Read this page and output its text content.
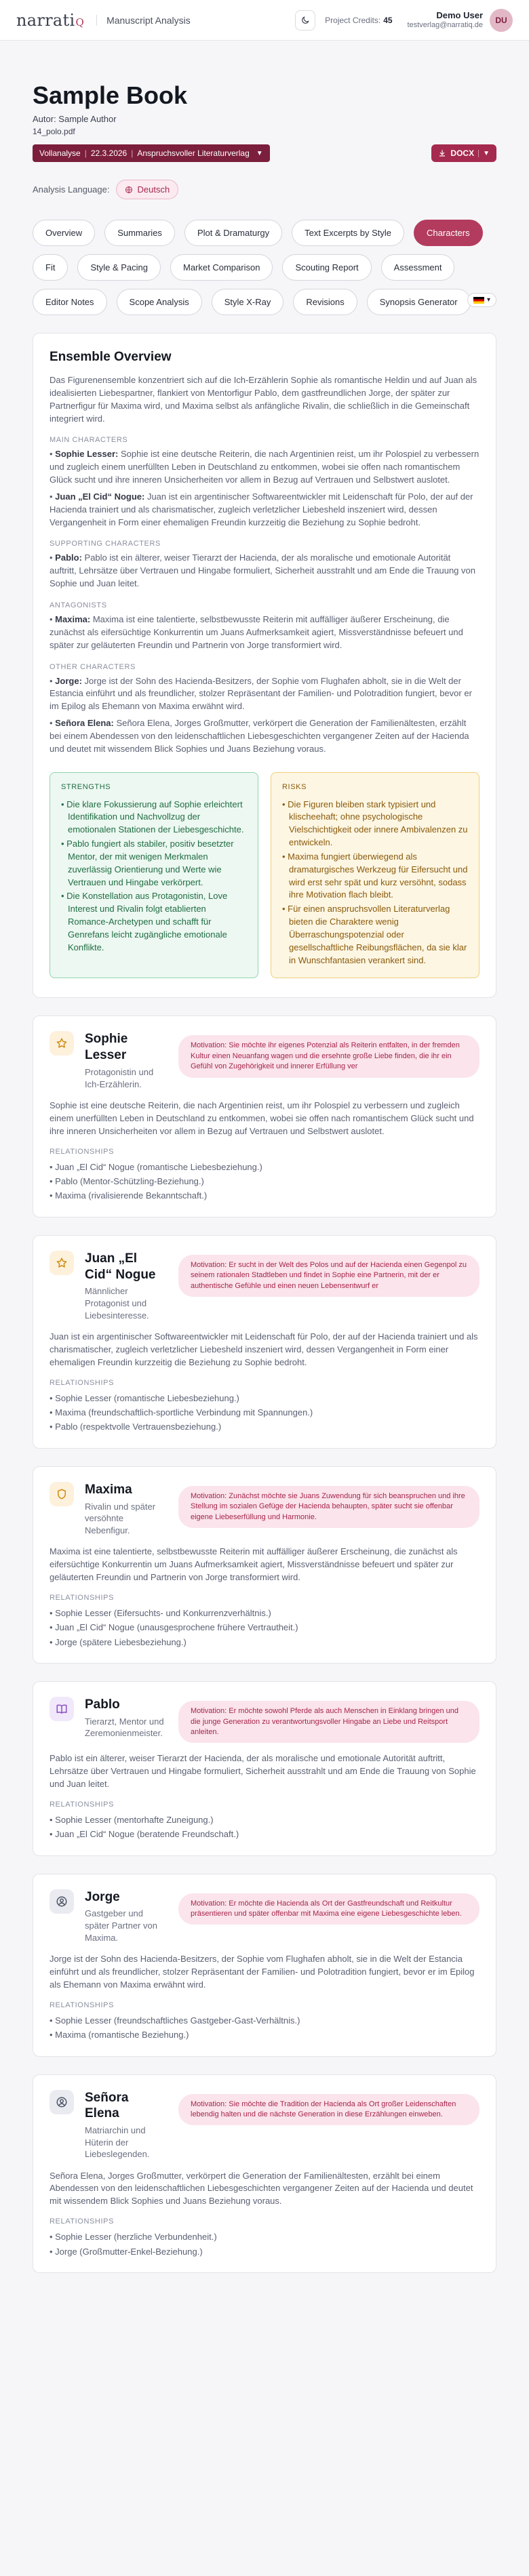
narratiQ	Manuscript Analysis	Project Credits: 45	Demo User
testverlag@narratiq.de
DU
Sample Book
Autor: Sample Author
14_polo.pdf
Vollanalyse | 22.3.2026 | Anspruchsvoller Literaturverlag ▼	DOCX	▼
Analysis Language:	Deutsch
Overview	Summaries	Plot & Dramaturgy	Text Excerpts by Style	Characters
Fit	Style & Pacing	Market Comparison	Scouting Report	Assessment
Editor Notes	Scope Analysis	Style X-Ray	Revisions	Synopsis Generator	▾
Ensemble Overview
Das Figurenensemble konzentriert sich auf die Ich-Erzählerin Sophie als romantische Heldin und auf Juan als idealisierten Liebespartner, flankiert von Mentorfigur Pablo, dem gastfreundlichen Jorge, der später zur Partnerfigur für Maxima wird, und Maxima selbst als anfängliche Rivalin, die schließlich in die Gemeinschaft integriert wird.
MAIN CHARACTERS
• Sophie Lesser: Sophie ist eine deutsche Reiterin, die nach Argentinien reist, um ihr Polospiel zu verbessern und zugleich einem unerfüllten Leben in Deutschland zu entkommen, wobei sie offen nach romantischem Glück sucht und ihre inneren Unsicherheiten vor allem in Bezug auf Vertrauen und Selbstwert auslotet.
• Juan „El Cid“ Nogue: Juan ist ein argentinischer Softwareentwickler mit Leidenschaft für Polo, der auf der Hacienda trainiert und als charismatischer, zugleich verletzlicher Liebesheld inszeniert wird, dessen Vergangenheit in Form einer ehemaligen Freundin kurzzeitig die Beziehung zu Sophie bedroht.
SUPPORTING CHARACTERS
• Pablo: Pablo ist ein älterer, weiser Tierarzt der Hacienda, der als moralische und emotionale Autorität auftritt, Lehrsätze über Vertrauen und Hingabe formuliert, Sicherheit ausstrahlt und am Ende die Trauung von Sophie und Juan leitet.
ANTAGONISTS
• Maxima: Maxima ist eine talentierte, selbstbewusste Reiterin mit auffälliger äußerer Erscheinung, die zunächst als eifersüchtige Konkurrentin um Juans Aufmerksamkeit agiert, Missverständnisse befeuert und später zur geläuterten Freundin und Partnerin von Jorge transformiert wird.
OTHER CHARACTERS
• Jorge: Jorge ist der Sohn des Hacienda-Besitzers, der Sophie vom Flughafen abholt, sie in die Welt der Estancia einführt und als freundlicher, stolzer Repräsentant der Familien- und Polotradition fungiert, bevor er im Epilog als Ehemann von Maxima erwähnt wird.
• Señora Elena: Señora Elena, Jorges Großmutter, verkörpert die Generation der Familienältesten, erzählt bei einem Abendessen von den leidenschaftlichen Liebesgeschichten vergangener Zeiten auf der Hacienda und deutet mit wissendem Blick Sophies und Juans Beziehung voraus.
STRENGTHS
• Die klare Fokussierung auf Sophie erleichtert Identifikation und Nachvollzug der emotionalen Stationen der Liebesgeschichte.
• Pablo fungiert als stabiler, positiv besetzter Mentor, der mit wenigen Merkmalen zuverlässig Orientierung und Werte wie Vertrauen und Hingabe verkörpert.
• Die Konstellation aus Protagonistin, Love Interest und Rivalin folgt etablierten Romance-Archetypen und schafft für Genrefans leicht zugängliche emotionale Konflikte.
RISKS
• Die Figuren bleiben stark typisiert und klischeehaft; ohne psychologische Vielschichtigkeit oder innere Ambivalenzen zu entwickeln.
• Maxima fungiert überwiegend als dramaturgisches Werkzeug für Eifersucht und wird erst sehr spät und kurz versöhnt, sodass ihre Motivation flach bleibt.
• Für einen anspruchsvollen Literaturverlag bieten die Charaktere wenig Überraschungspotenzial oder gesellschaftliche Reibungsflächen, da sie klar in Wunschfantasien verankert sind.
Sophie Lesser
Protagonistin und Ich-Erzählerin.
Motivation: Sie möchte ihr eigenes Potenzial als Reiterin entfalten, in der fremden Kultur einen Neuanfang wagen und die ersehnte große Liebe finden, die ihr ein Gefühl von Zugehörigkeit und innerer Erfüllung ver
Sophie ist eine deutsche Reiterin, die nach Argentinien reist, um ihr Polospiel zu verbessern und zugleich einem unerfüllten Leben in Deutschland zu entkommen, wobei sie offen nach romantischem Glück sucht und ihre inneren Unsicherheiten vor allem in Bezug auf Vertrauen und Selbstwert auslotet.
RELATIONSHIPS
• Juan „El Cid“ Nogue (romantische Liebesbeziehung.)
• Pablo (Mentor-Schützling-Beziehung.)
• Maxima (rivalisierende Bekanntschaft.)
Juan „El Cid“ Nogue
Männlicher Protagonist und Liebesinteresse.
Motivation: Er sucht in der Welt des Polos und auf der Hacienda einen Gegenpol zu seinem rationalen Stadtleben und findet in Sophie eine Partnerin, mit der er authentische Gefühle und einen neuen Lebensentwurf er
Juan ist ein argentinischer Softwareentwickler mit Leidenschaft für Polo, der auf der Hacienda trainiert und als charismatischer, zugleich verletzlicher Liebesheld inszeniert wird, dessen Vergangenheit in Form einer ehemaligen Freundin kurzzeitig die Beziehung zu Sophie bedroht.
RELATIONSHIPS
• Sophie Lesser (romantische Liebesbeziehung.)
• Maxima (freundschaftlich-sportliche Verbindung mit Spannungen.)
• Pablo (respektvolle Vertrauensbeziehung.)
Maxima
Rivalin und später versöhnte Nebenfigur.
Motivation: Zunächst möchte sie Juans Zuwendung für sich beanspruchen und ihre Stellung im sozialen Gefüge der Hacienda behaupten, später sucht sie offenbar eigene Liebeserfüllung und Harmonie.
Maxima ist eine talentierte, selbstbewusste Reiterin mit auffälliger äußerer Erscheinung, die zunächst als eifersüchtige Konkurrentin um Juans Aufmerksamkeit agiert, Missverständnisse befeuert und später zur geläuterten Freundin und Partnerin von Jorge transformiert wird.
RELATIONSHIPS
• Sophie Lesser (Eifersuchts- und Konkurrenzverhältnis.)
• Juan „El Cid“ Nogue (unausgesprochene frühere Vertrautheit.)
• Jorge (spätere Liebesbeziehung.)
Pablo
Tierarzt, Mentor und Zeremonienmeister.
Motivation: Er möchte sowohl Pferde als auch Menschen in Einklang bringen und die junge Generation zu verantwortungsvoller Hingabe an Liebe und Reitsport anleiten.
Pablo ist ein älterer, weiser Tierarzt der Hacienda, der als moralische und emotionale Autorität auftritt, Lehrsätze über Vertrauen und Hingabe formuliert, Sicherheit ausstrahlt und am Ende die Trauung von Sophie und Juan leitet.
RELATIONSHIPS
• Sophie Lesser (mentorhafte Zuneigung.)
• Juan „El Cid“ Nogue (beratende Freundschaft.)
Jorge
Gastgeber und später Partner von Maxima.
Motivation: Er möchte die Hacienda als Ort der Gastfreundschaft und Reitkultur präsentieren und später offenbar mit Maxima eine eigene Liebesgeschichte leben.
Jorge ist der Sohn des Hacienda-Besitzers, der Sophie vom Flughafen abholt, sie in die Welt der Estancia einführt und als freundlicher, stolzer Repräsentant der Familien- und Polotradition fungiert, bevor er im Epilog als Ehemann von Maxima erwähnt wird.
RELATIONSHIPS
• Sophie Lesser (freundschaftliches Gastgeber-Gast-Verhältnis.)
• Maxima (romantische Beziehung.)
Señora Elena
Matriarchin und Hüterin der Liebeslegenden.
Motivation: Sie möchte die Tradition der Hacienda als Ort großer Leidenschaften lebendig halten und die nächste Generation in diese Erzählungen einweben.
Señora Elena, Jorges Großmutter, verkörpert die Generation der Familienältesten, erzählt bei einem Abendessen von den leidenschaftlichen Liebesgeschichten vergangener Zeiten auf der Hacienda und deutet mit wissendem Blick Sophies und Juans Beziehung voraus.
RELATIONSHIPS
• Sophie Lesser (herzliche Verbundenheit.)
• Jorge (Großmutter-Enkel-Beziehung.)
